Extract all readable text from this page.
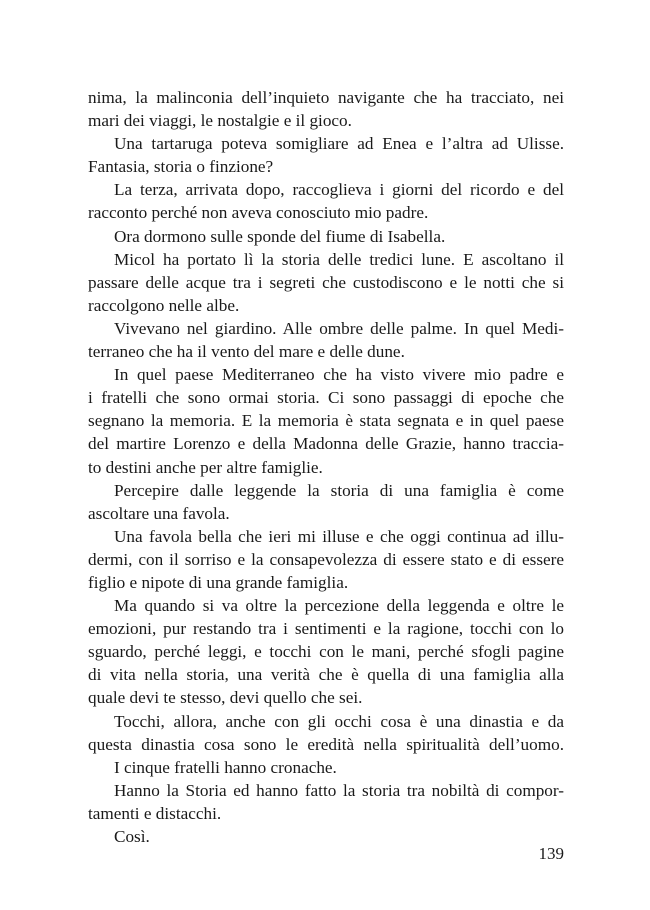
nima, la malinconia dell’inquieto navigante che ha tracciato, nei
mari dei viaggi, le nostalgie e il gioco.
Una tartaruga poteva somigliare ad Enea e l’altra ad Ulisse.
Fantasia, storia o finzione?
La terza, arrivata dopo, raccoglieva i giorni del ricordo e del
racconto perché non aveva conosciuto mio padre.
Ora dormono sulle sponde del fiume di Isabella.
Micol ha portato lì la storia delle tredici lune. E ascoltano il
passare delle acque tra i segreti che custodiscono e le notti che si
raccolgono nelle albe.
Vivevano nel giardino. Alle ombre delle palme. In quel Medi-
terraneo che ha il vento del mare e delle dune.
In quel paese Mediterraneo che ha visto vivere mio padre e
i fratelli che sono ormai storia. Ci sono passaggi di epoche che
segnano la memoria. E la memoria è stata segnata e in quel paese
del martire Lorenzo e della Madonna delle Grazie, hanno traccia-
to destini anche per altre famiglie.
Percepire dalle leggende la storia di una famiglia è come
ascoltare una favola.
Una favola bella che ieri mi illuse e che oggi continua ad illu-
dermi, con il sorriso e la consapevolezza di essere stato e di essere
figlio e nipote di una grande famiglia.
Ma quando si va oltre la percezione della leggenda e oltre le
emozioni, pur restando tra i sentimenti e la ragione, tocchi con lo
sguardo, perché leggi, e tocchi con le mani, perché sfogli pagine
di vita nella storia, una verità che è quella di una famiglia alla
quale devi te stesso, devi quello che sei.
Tocchi, allora, anche con gli occhi cosa è una dinastia e da
questa dinastia cosa sono le eredità nella spiritualità dell’uomo.
I cinque fratelli hanno cronache.
Hanno la Storia ed hanno fatto la storia tra nobiltà di compor-
tamenti e distacchi.
Così.
139
